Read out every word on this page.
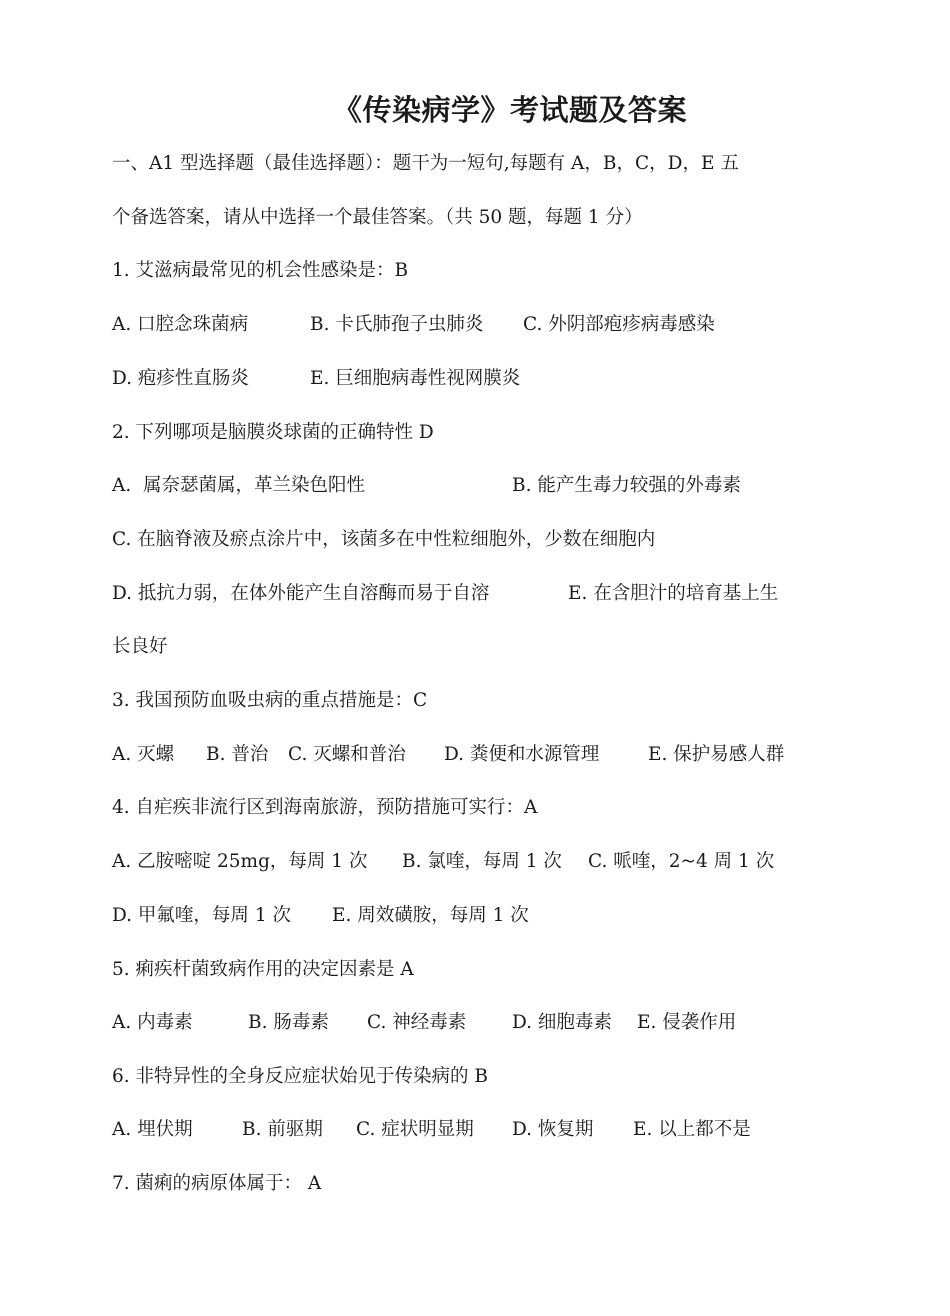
《传染病学》考试题及答案
一、A1 型选择题（最佳选择题）：题干为一短句,每题有 A，B，C，D，E 五
个备选答案，请从中选择一个最佳答案。（共 50 题，每题 1 分）
1. 艾滋病最常见的机会性感染是：B
A. 口腔念珠菌病	B. 卡氏肺孢子虫肺炎 C. 外阴部疱疹病毒感染
D. 疱疹性直肠炎	E. 巨细胞病毒性视网膜炎
2. 下列哪项是脑膜炎球菌的正确特性 D
A.  属奈瑟菌属，革兰染色阳性	B. 能产生毒力较强的外毒素
C. 在脑脊液及瘀点涂片中，该菌多在中性粒细胞外，少数在细胞内
D. 抵抗力弱，在体外能产生自溶酶而易于自溶	E. 在含胆汁的培育基上生
长良好
3. 我国预防血吸虫病的重点措施是：C
A. 灭螺 B. 普治 C. 灭螺和普治 D. 粪便和水源管理	E. 保护易感人群
4. 自疟疾非流行区到海南旅游，预防措施可实行：A
A. 乙胺嘧啶 25mg，每周 1 次 B. 氯喹，每周 1 次 C. 哌喹，2~4 周 1 次
D. 甲氟喹，每周 1 次 E. 周效磺胺，每周 1 次
5. 痢疾杆菌致病作用的决定因素是 A
A. 内毒素	B. 肠毒素 C. 神经毒素 D. 细胞毒素 E. 侵袭作用
6. 非特异性的全身反应症状始见于传染病的 B
A. 埋伏期	B. 前驱期 C. 症状明显期 D. 恢复期 E. 以上都不是
7. 菌痢的病原体属于： A
